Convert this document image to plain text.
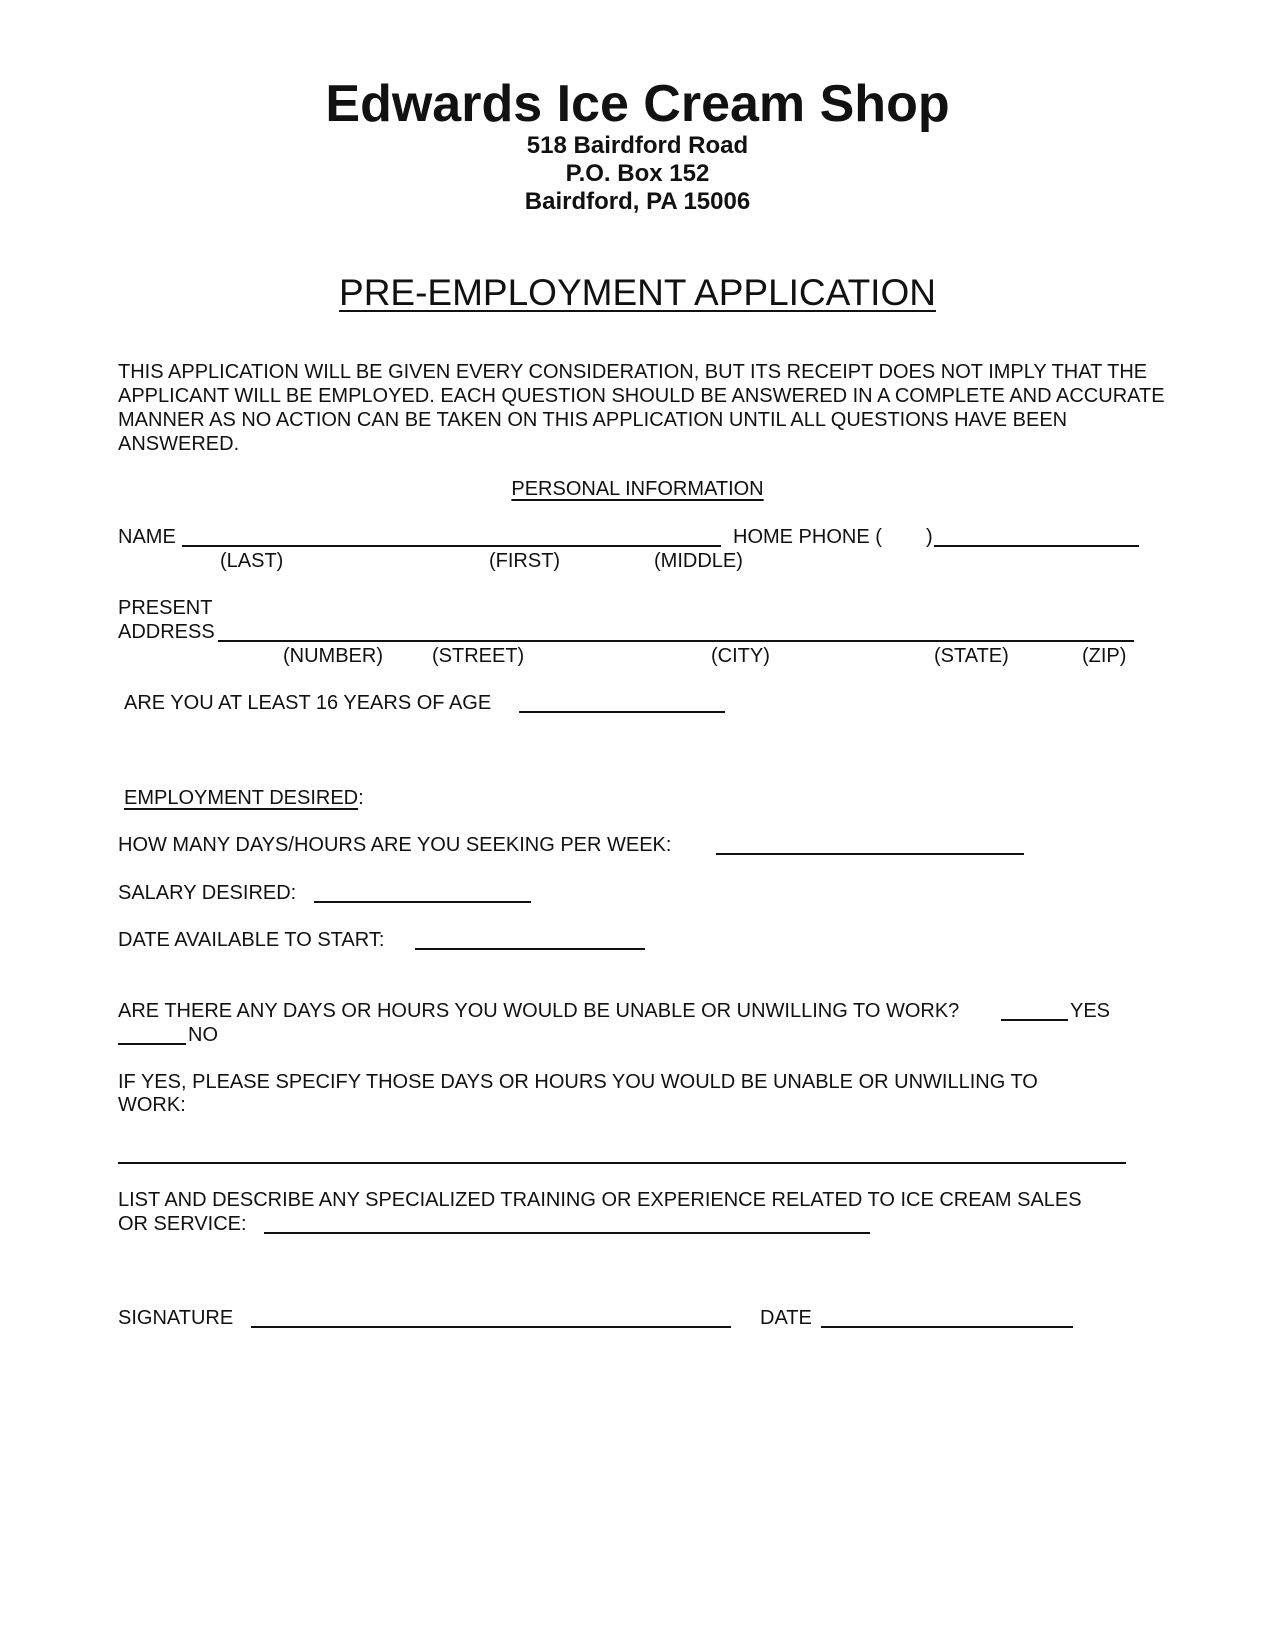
Edwards Ice Cream Shop
518 Bairdford Road
P.O. Box 152
Bairdford, PA 15006
PRE-EMPLOYMENT APPLICATION
THIS APPLICATION WILL BE GIVEN EVERY CONSIDERATION, BUT ITS RECEIPT DOES NOT IMPLY THAT THE APPLICANT WILL BE EMPLOYED. EACH QUESTION SHOULD BE ANSWERED IN A COMPLETE AND ACCURATE MANNER AS NO ACTION CAN BE TAKEN ON THIS APPLICATION UNTIL ALL QUESTIONS HAVE BEEN ANSWERED.
PERSONAL INFORMATION
NAME	HOME PHONE ( )
(LAST)	(FIRST)	(MIDDLE)
PRESENT
ADDRESS
(NUMBER) (STREET)	(CITY)	(STATE)	(ZIP)
ARE YOU AT LEAST 16 YEARS OF AGE
EMPLOYMENT DESIRED:
HOW MANY DAYS/HOURS ARE YOU SEEKING PER WEEK:
SALARY DESIRED:
DATE AVAILABLE TO START:
ARE THERE ANY DAYS OR HOURS YOU WOULD BE UNABLE OR UNWILLING TO WORK?	YES
NO
IF YES, PLEASE SPECIFY THOSE DAYS OR HOURS YOU WOULD BE UNABLE OR UNWILLING TO
WORK:
LIST AND DESCRIBE ANY SPECIALIZED TRAINING OR EXPERIENCE RELATED TO ICE CREAM SALES
OR SERVICE:
SIGNATURE	DATE
